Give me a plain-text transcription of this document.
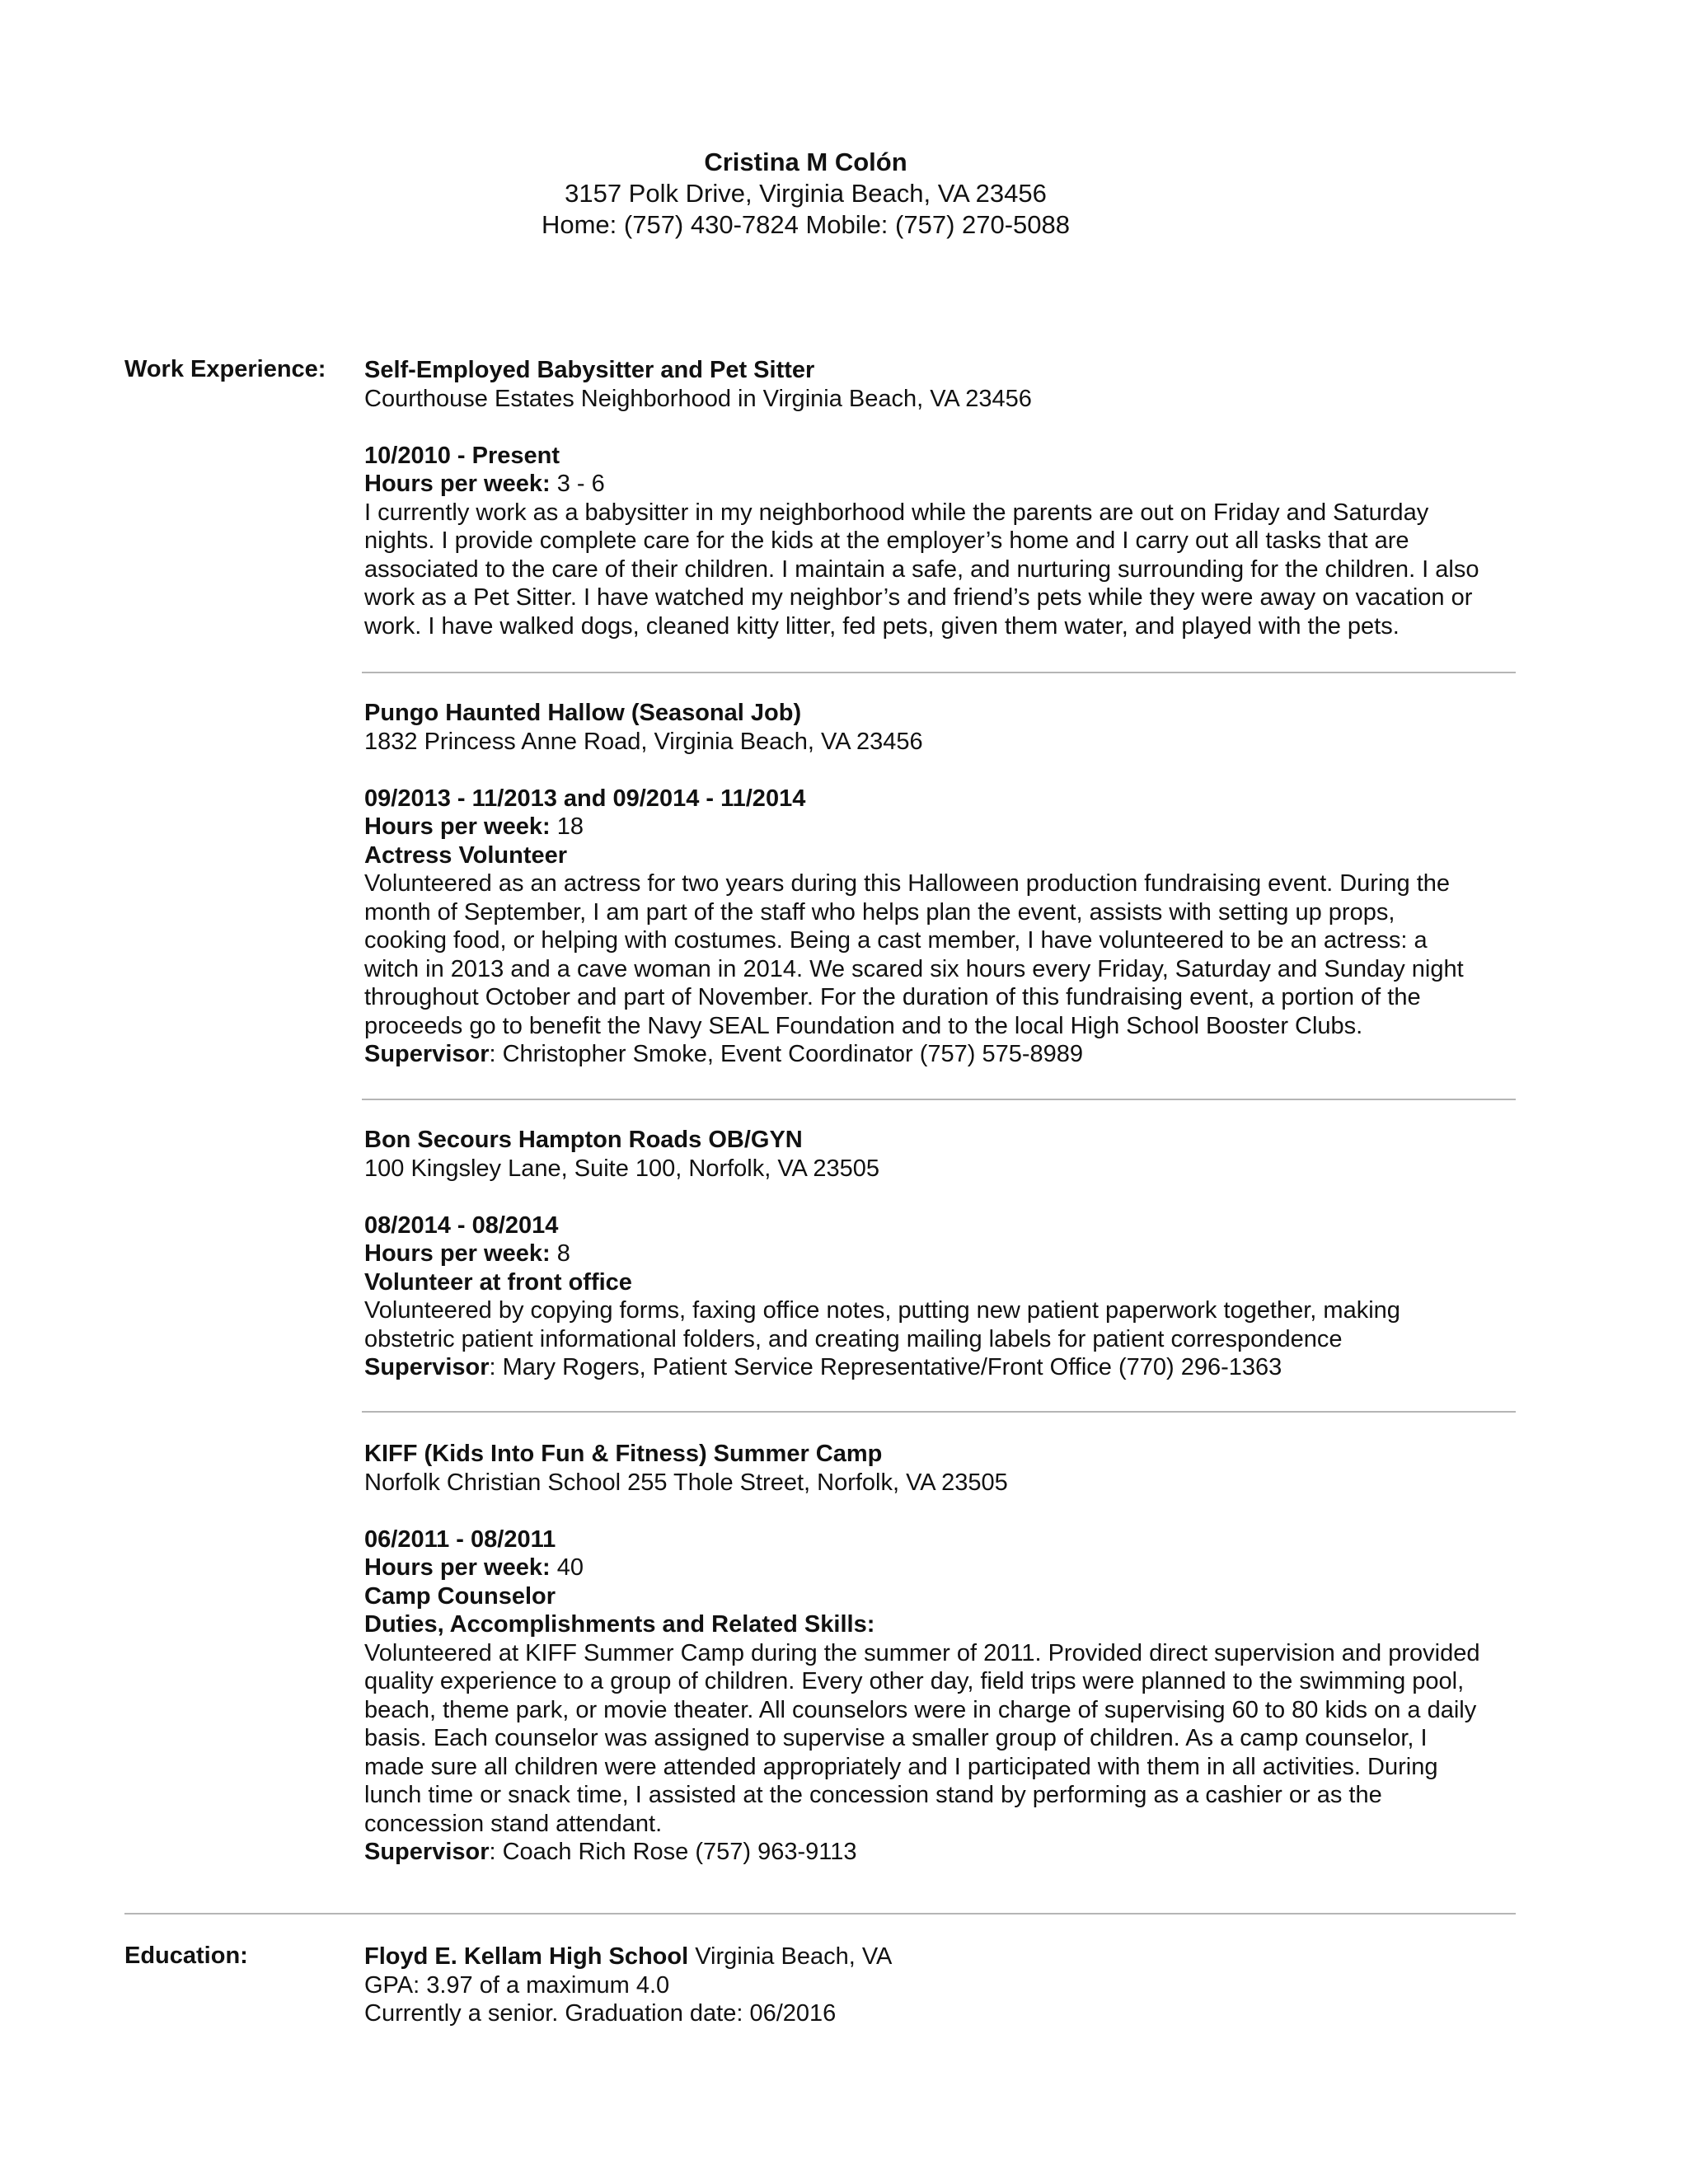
Cristina M Colón
3157 Polk Drive, Virginia Beach, VA 23456
Home: (757) 430-7824 Mobile: (757) 270-5088
Work Experience: Self-Employed Babysitter and Pet Sitter

Courthouse Estates Neighborhood in Virginia Beach, VA 23456

10/2010 - Present

Hours per week: 3 - 6

I currently work as a babysitter in my neighborhood while the parents are out on Friday and Saturday

nights. I provide complete care for the kids at the employer’s home and I carry out all tasks that are

associated to the care of their children. I maintain a safe, and nurturing surrounding for the children. I also

work as a Pet Sitter. I have watched my neighbor’s and friend’s pets while they were away on vacation or

work. I have walked dogs, cleaned kitty litter, fed pets, given them water, and played with the pets.

Pungo Haunted Hallow (Seasonal Job)

1832 Princess Anne Road, Virginia Beach, VA 23456

09/2013 - 11/2013 and 09/2014 - 11/2014

Hours per week: 18

Actress Volunteer

Volunteered as an actress for two years during this Halloween production fundraising event. During the

month of September, I am part of the staff who helps plan the event, assists with setting up props,

cooking food, or helping with costumes. Being a cast member, I have volunteered to be an actress: a

witch in 2013 and a cave woman in 2014. We scared six hours every Friday, Saturday and Sunday night

throughout October and part of November. For the duration of this fundraising event, a portion of the

proceeds go to benefit the Navy SEAL Foundation and to the local High School Booster Clubs.

Supervisor: Christopher Smoke, Event Coordinator (757) 575-8989

Bon Secours Hampton Roads OB/GYN

100 Kingsley Lane, Suite 100, Norfolk, VA 23505

08/2014 - 08/2014

Hours per week: 8

Volunteer at front office

Volunteered by copying forms, faxing office notes, putting new patient paperwork together, making

obstetric patient informational folders, and creating mailing labels for patient correspondence

Supervisor: Mary Rogers, Patient Service Representative/Front Office (770) 296-1363

KIFF (Kids Into Fun & Fitness) Summer Camp

Norfolk Christian School 255 Thole Street, Norfolk, VA 23505

06/2011 - 08/2011

Hours per week: 40

Camp Counselor

Duties, Accomplishments and Related Skills:

Volunteered at KIFF Summer Camp during the summer of 2011. Provided direct supervision and provided

quality experience to a group of children. Every other day, field trips were planned to the swimming pool,

beach, theme park, or movie theater. All counselors were in charge of supervising 60 to 80 kids on a daily

basis. Each counselor was assigned to supervise a smaller group of children. As a camp counselor, I

made sure all children were attended appropriately and I participated with them in all activities. During

lunch time or snack time, I assisted at the concession stand by performing as a cashier or as the

concession stand attendant.

Supervisor: Coach Rich Rose (757) 963-9113

Education:	Floyd E. Kellam High School Virginia Beach, VA

GPA: 3.97 of a maximum 4.0

Currently a senior. Graduation date: 06/2016
